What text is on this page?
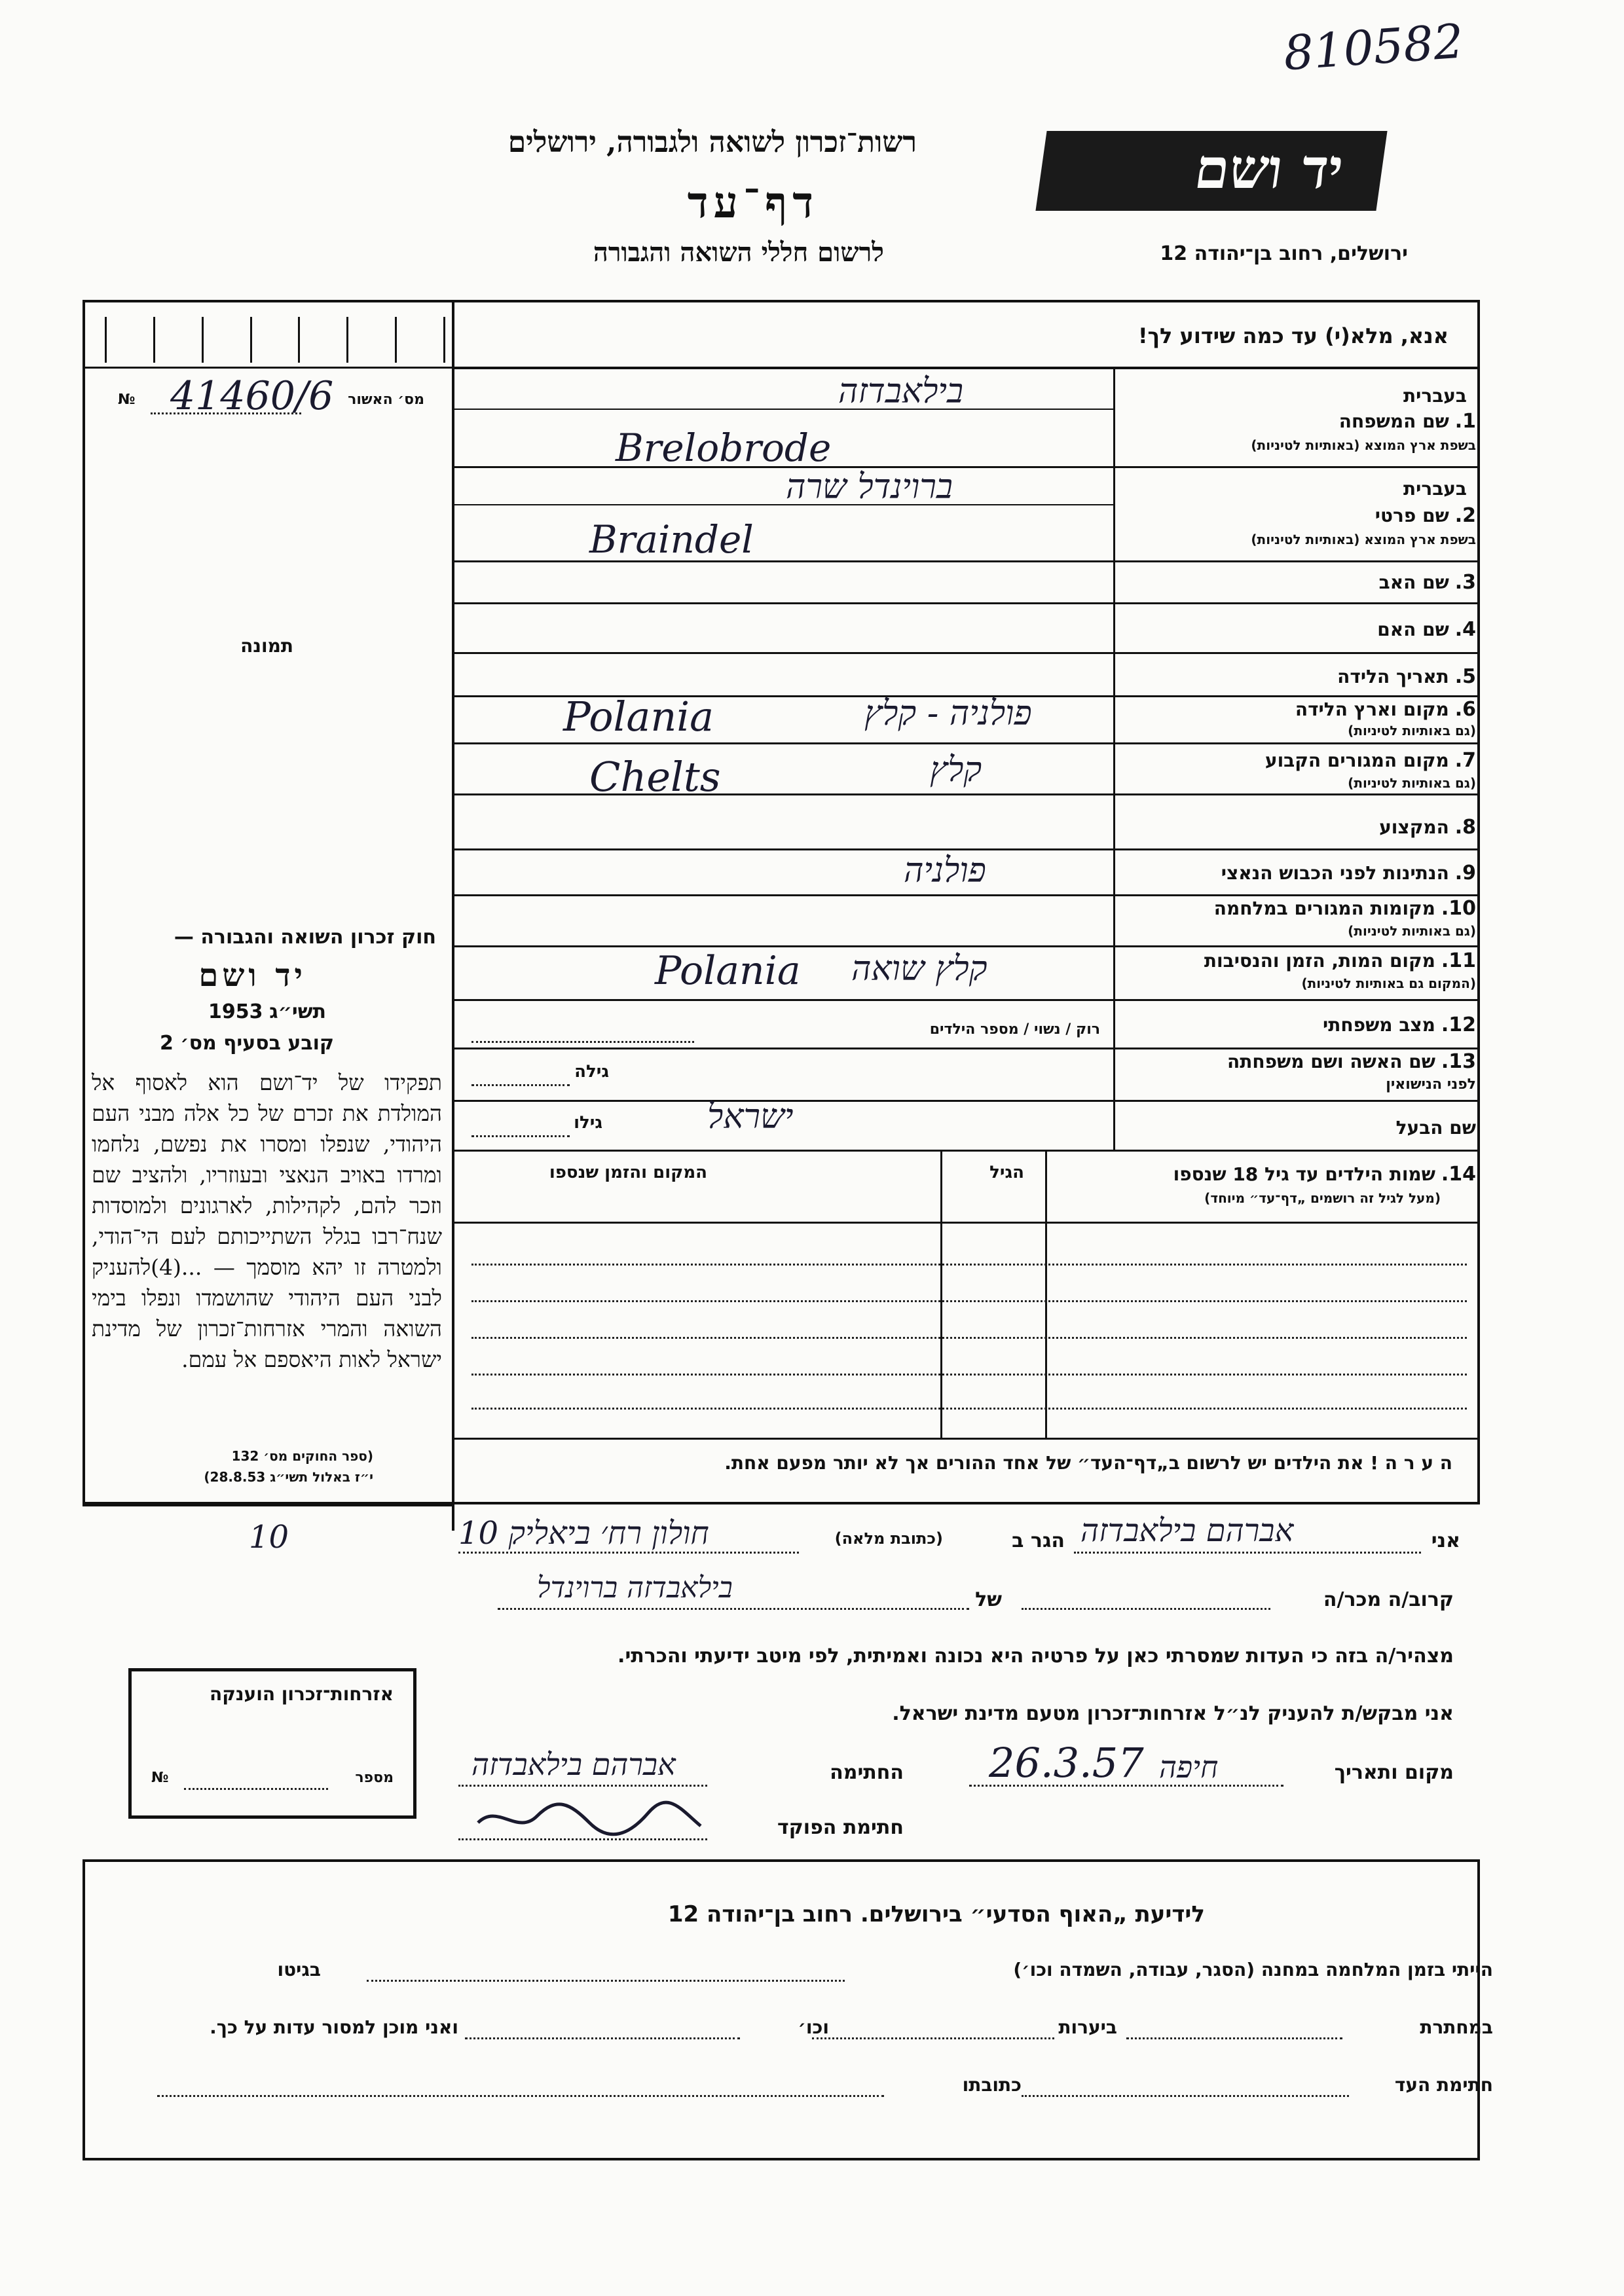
810582
רשות־זכרון לשואה ולגבורה, ירושלים
דף־עד
לרשום חללי השואה והגבורה
יד ושם
ירושלים, רחוב בן־יהודה 12
מס׳ האשור
№ 41460/6
תמונה
חוק זכרון השואה והגבורה —
יד ושם
תשי״ג
1953
קובע בסעיף מס׳ 2
תפקידו של יד־ושם הוא לאסוף אל המולדת את זכרם של כל אלה מבני העם היהודי, שנפלו ומסרו את נפשם, נלחמו ומרדו באויב הנאצי ובעוזריו, ולהציב שם וזכר להם, לקהילות, לארגונים ולמוסדות שנח־רבו בגלל השתייכותם לעם הי־הודי, ולמטרה זו יהא מוסמך — ...(4)להעניק לבני העם היהודי שהושמדו ונפלו בימי השואה והמרי אזרחות־זכרון של מדינת ישראל לאות היאספם אל עמם.
(ספר החוקים מס׳ 132
י״ז באלול תשי״ג 28.8.53)
אנא, מלא(י) עד כמה שידוע לך!
בעברית
1. שם המשפחה
בשפת ארץ המוצא (באותיות לטיניות)
בעברית
2. שם פרטי
בשפת ארץ המוצא (באותיות לטיניות)
3. שם האב
4. שם האם
5. תאריך הלידה
6. מקום וארץ הלידה
(גם באותיות לטיניות)
7. מקום המגורים הקבוע
(גם באותיות לטיניות)
8. המקצוע
9. הנתינות לפני הכבוש הנאצי
10. מקומות המגורים במלחמה
(גם באותיות לטיניות)
11. מקום המות, הזמן והנסיבות
(המקום גם באותיות לטיניות)
12. מצב משפחתי
רוק / נשוי / מספר הילדים
13. שם האשה ושם משפחתה
לפני הנישואין
גילה
שם הבעל
גילו
14. שמות הילדים עד גיל 18 שנספו
(מעל לגיל זה רושמים „דף־עד״ מיוחד)
הגיל
המקום והזמן שנספו
ה ע ר ה ! את הילדים יש לרשום ב„דף־העד״ של אחד ההורים אך לא יותר מפעם אחת.
בילאבדזה
Brelobrode
ברוינדל שרה
Braindel
Polania	פולניה - קלץ
Chelts	קלץ
פולניה
Polania קלץ שואה
ישראל
אני
אברהם בילאבדזה
הגר ב
(כתובת מלאה)
חולון רח׳ ביאליק 10
קרוב/ה מכר/ה
של
בילאבדזה ברוינדל
מצהיר/ה בזה כי העדות שמסרתי כאן על פרטיה היא נכונה ואמיתית, לפי מיטב ידיעתי והכרתי.
אני מבקש/ת להעניק לנ״ל אזרחות־זכרון מטעם מדינת ישראל.
מקום ותאריך
חיפה
26.3.57
החתימה
אברהם בילאבדזה
חתימת הפוקד
אזרחות־זכרון הוענקה
מספר
№
10
לידיעת „האוף הסדעי״ בירושלים. רחוב בן־יהודה 12
הייתי בזמן המלחמה במחנה (הסגר, עבודה, השמדה וכו׳)
בגיטו
במחתרת
ביערות
וכו׳
ואני מוכן למסור עדות על כך.
חתימת העד
כתובתו
